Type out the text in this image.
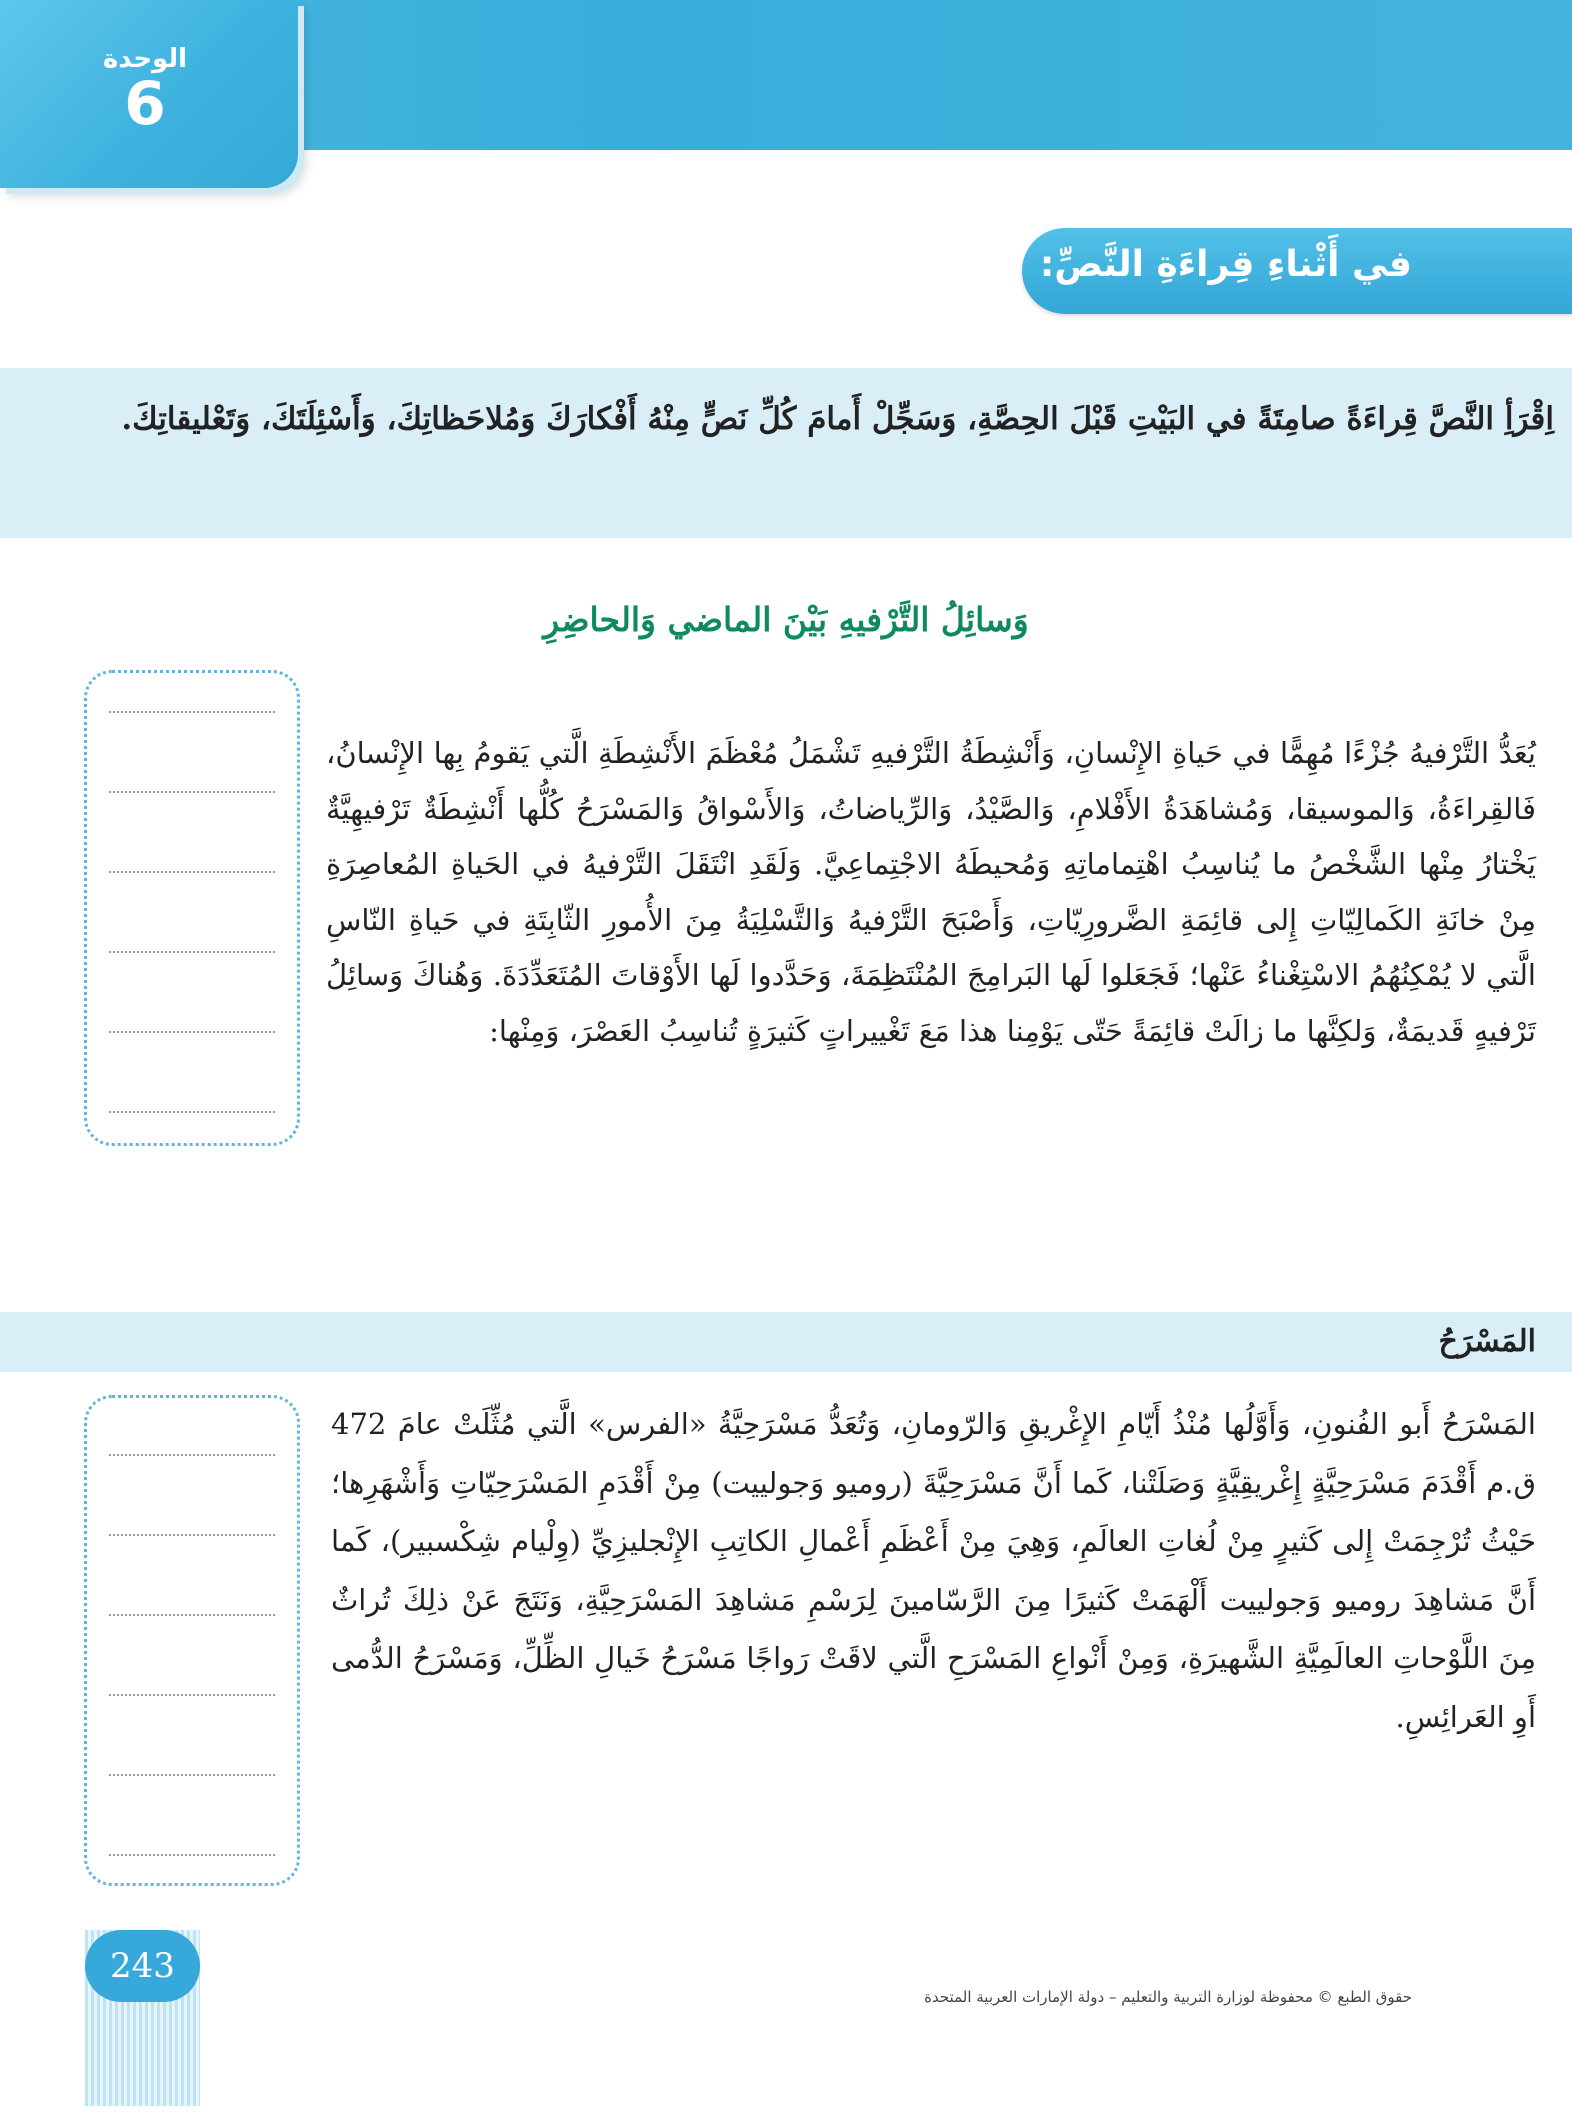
الوحدة
6
في أَثْناءِ قِراءَةِ النَّصِّ:

اِقْرَأِ النَّصَّ قِراءَةً صامِتَةً في البَيْتِ قَبْلَ الحِصَّةِ، وَسَجِّلْ أَمامَ كُلِّ نَصٍّ مِنْهُ أَفْكارَكَ وَمُلاحَظاتِكَ، وَأَسْئِلَتَكَ، وَتَعْليقاتِكَ.

وَسائِلُ التَّرْفيهِ بَيْنَ الماضي وَالحاضِرِ

يُعَدُّ التَّرْفيهُ جُزْءًا مُهِمًّا في حَياةِ الإِنْسانِ، وَأَنْشِطَةُ التَّرْفيهِ تَشْمَلُ مُعْظَمَ الأَنْشِطَةِ الَّتي يَقومُ بِها الإِنْسانُ، فَالقِراءَةُ، وَالموسيقا، وَمُشاهَدَةُ الأَفْلامِ، وَالصَّيْدُ، وَالرِّياضاتُ، وَالأَسْواقُ وَالمَسْرَحُ كُلُّها أَنْشِطَةٌ تَرْفيهِيَّةٌ يَخْتارُ مِنْها الشَّخْصُ ما يُناسِبُ اهْتِماماتِهِ وَمُحيطَهُ الاجْتِماعِيَّ. وَلَقَدِ انْتَقَلَ التَّرْفيهُ في الحَياةِ المُعاصِرَةِ مِنْ خانَةِ الكَمالِيّاتِ إِلى قائِمَةِ الضَّرورِيّاتِ، وَأَصْبَحَ التَّرْفيهُ وَالتَّسْلِيَةُ مِنَ الأُمورِ الثّابِتَةِ في حَياةِ النّاسِ الَّتي لا يُمْكِنُهُمُ الاسْتِغْناءُ عَنْها؛ فَجَعَلوا لَها البَرامِجَ المُنْتَظِمَةَ، وَحَدَّدوا لَها الأَوْقاتَ المُتَعَدِّدَةَ. وَهُناكَ وَسائِلُ تَرْفيهٍ قَديمَةٌ، وَلكِنَّها ما زالَتْ قائِمَةً حَتّى يَوْمِنا هذا مَعَ تَغْييراتٍ كَثيرَةٍ تُناسِبُ العَصْرَ، وَمِنْها:

المَسْرَحُ

المَسْرَحُ أَبو الفُنونِ، وَأَوَّلُها مُنْذُ أَيّامِ الإِغْريقِ وَالرّومانِ، وَتُعَدُّ مَسْرَحِيَّةُ «الفرس» الَّتي مُثِّلَتْ عامَ 472 ق.م أَقْدَمَ مَسْرَحِيَّةٍ إِغْريقِيَّةٍ وَصَلَتْنا، كَما أَنَّ مَسْرَحِيَّةَ (روميو وَجولييت) مِنْ أَقْدَمِ المَسْرَحِيّاتِ وَأَشْهَرِها؛ حَيْثُ تُرْجِمَتْ إِلى كَثيرٍ مِنْ لُغاتِ العالَمِ، وَهِيَ مِنْ أَعْظَمِ أَعْمالِ الكاتِبِ الإِنْجليزِيِّ (وِلْيام شِكْسبير)، كَما أَنَّ مَشاهِدَ روميو وَجولييت أَلْهَمَتْ كَثيرًا مِنَ الرَّسّامينَ لِرَسْمِ مَشاهِدَ المَسْرَحِيَّةِ، وَنَتَجَ عَنْ ذلِكَ تُراثٌ مِنَ اللَّوْحاتِ العالَمِيَّةِ الشَّهيرَةِ، وَمِنْ أَنْواعِ المَسْرَحِ الَّتي لاقَتْ رَواجًا مَسْرَحُ خَيالِ الظِّلِّ، وَمَسْرَحُ الدُّمى أَوِ العَرائِسِ.

243
حقوق الطبع © محفوظة لوزارة التربية والتعليم – دولة الإمارات العربية المتحدة
